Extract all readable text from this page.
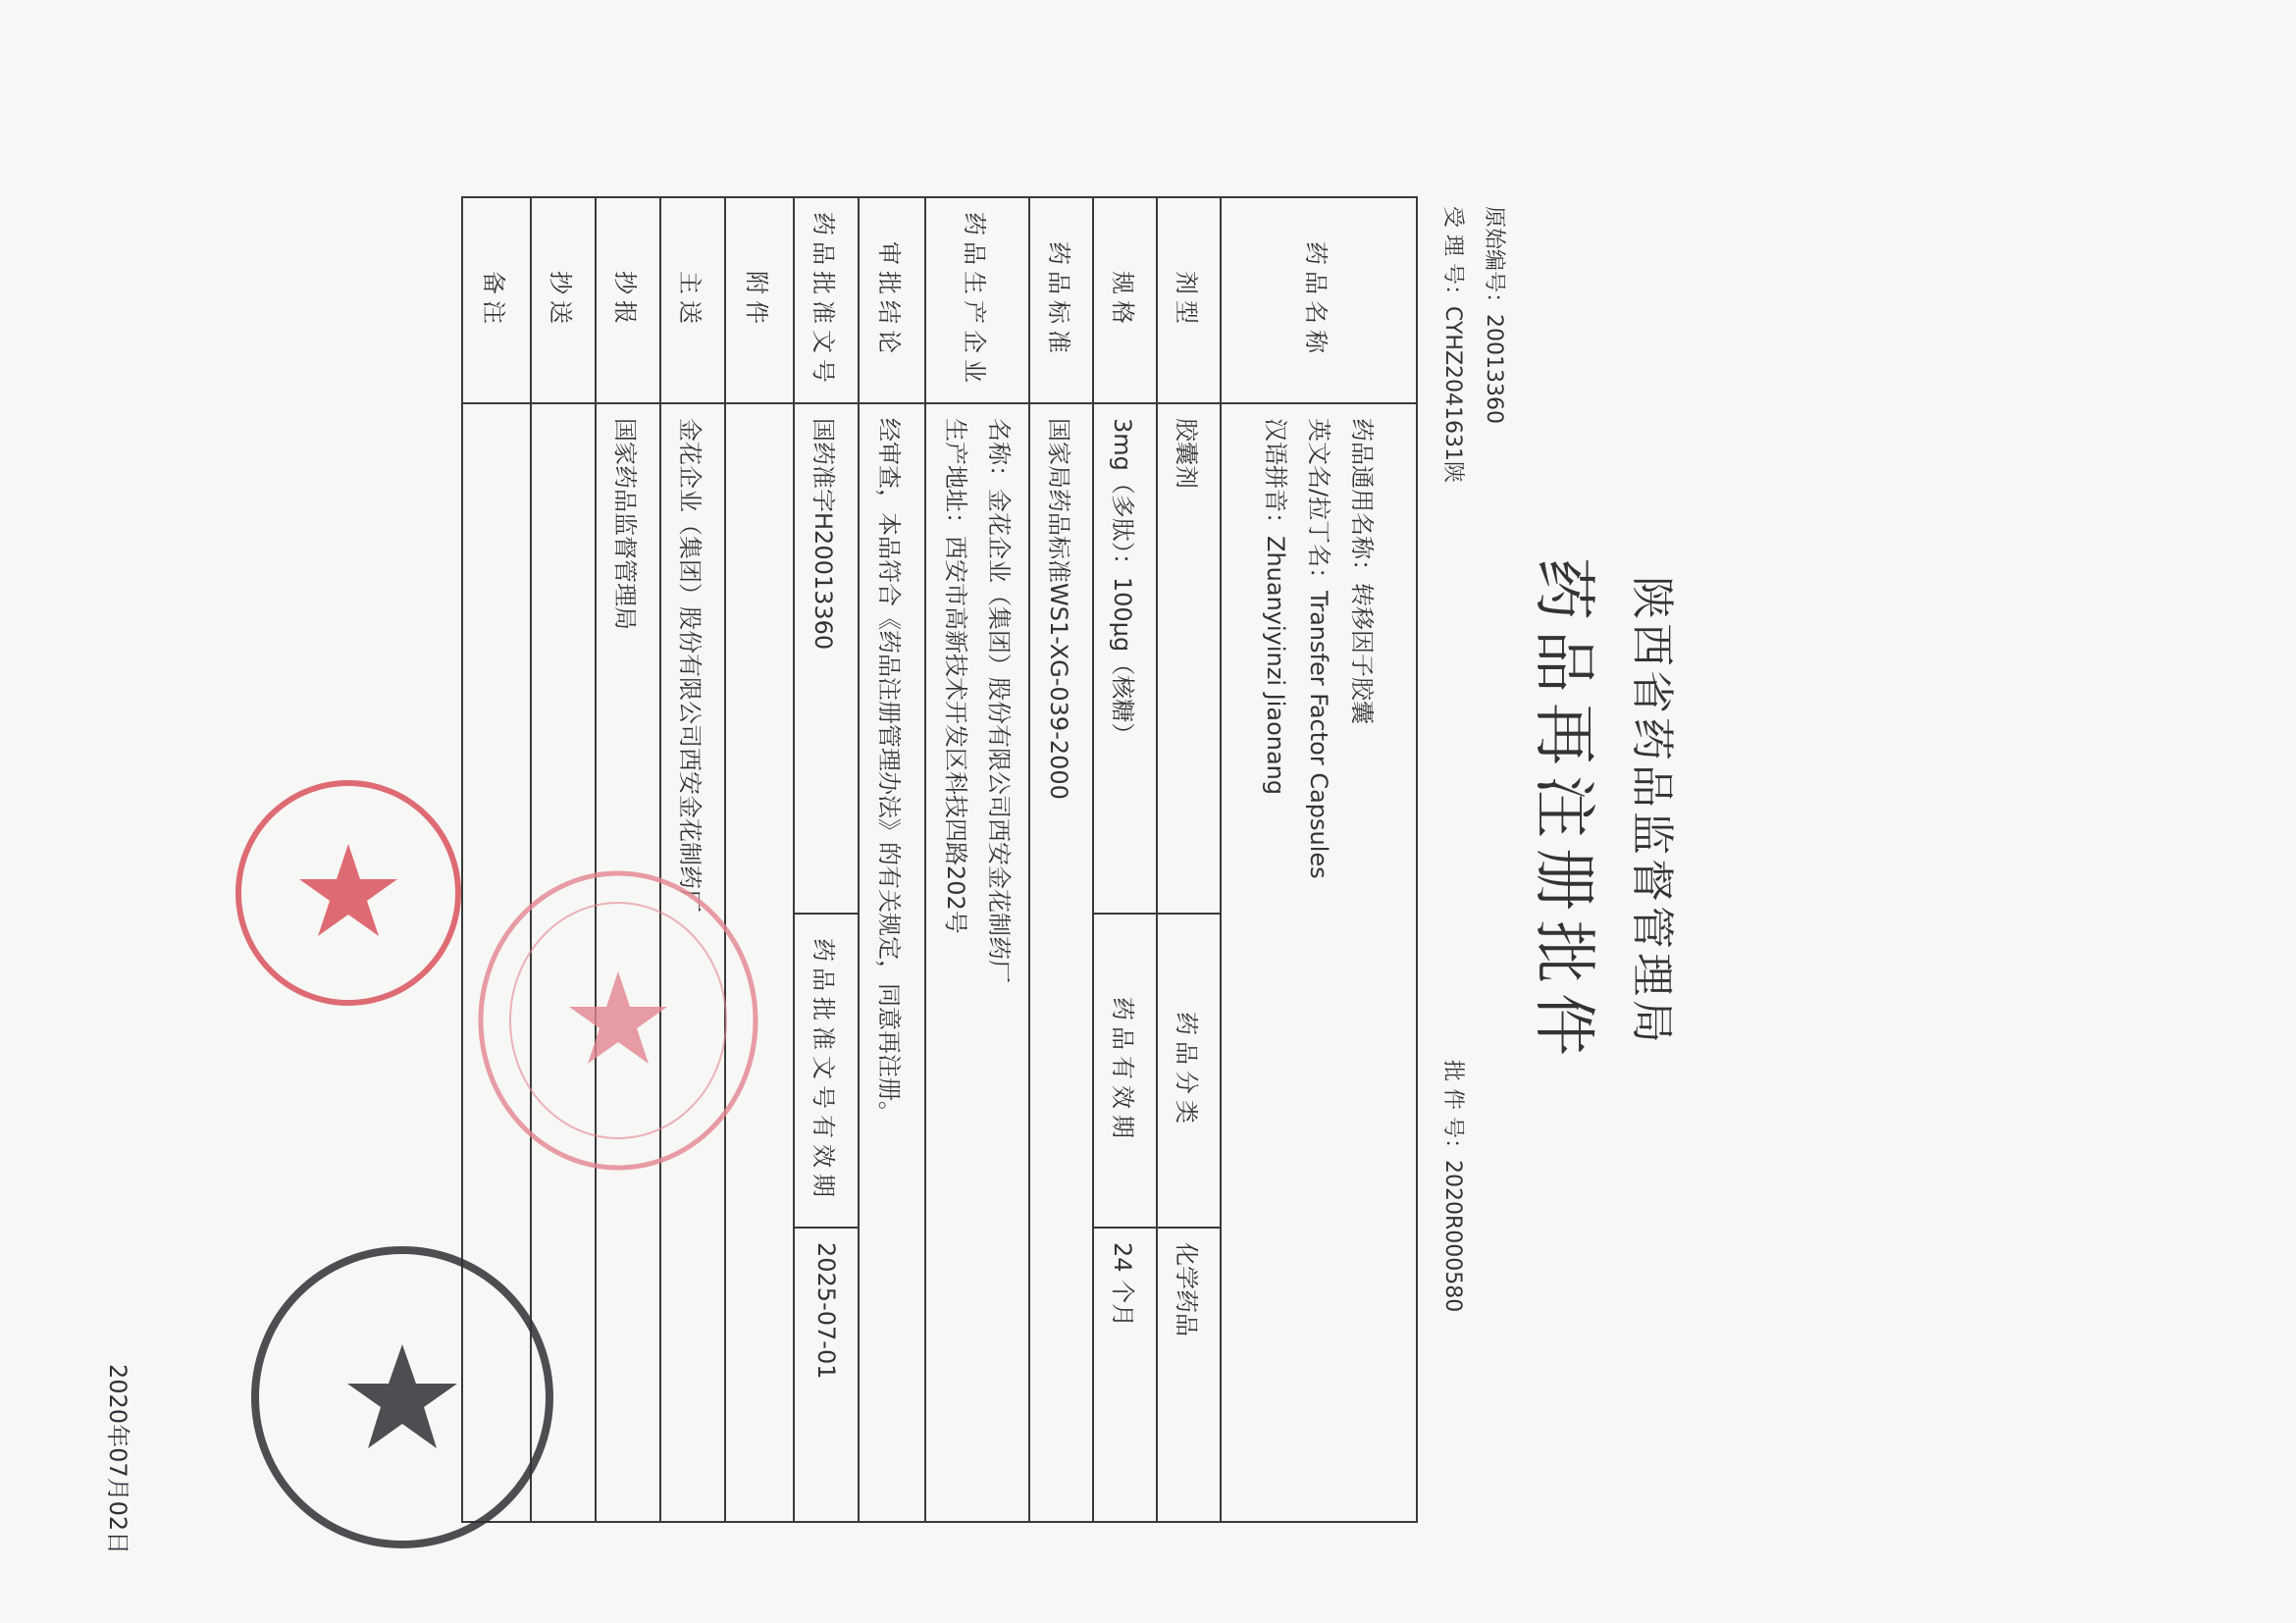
陕西省药品监督管理局
药品再注册批件
原始编号：20013360
受 理 号：CYHZ2041631陕
批 件 号：2020R000580
药品名称	药品通用名称：转移因子胶囊
英文名/拉丁名：Transfer Factor Capsules
汉语拼音：Zhuanyiyinzi Jiaonang		

剂型	胶囊剂	药品分类	化学药品
规格	3mg（多肽）：100μg（核糖）	药品有效期	24 个月
药品标准	国家局药品标准WS1-XG-039-2000		
药品生产企业	名称：金花企业（集团）股份有限公司西安金花制药厂
生产地址：西安市高新技术开发区科技四路202号		

审批结论	经审查，本品符合《药品注册管理办法》的有关规定，同意再注册。		
药品批准文号	国药准字H20013360	药品批准文号有效期	2025-07-01
附件			
主送	金花企业（集团）股份有限公司西安金花制药厂		
抄报	国家药品监督管理局		
抄送			
备注			
2020年07月02日
